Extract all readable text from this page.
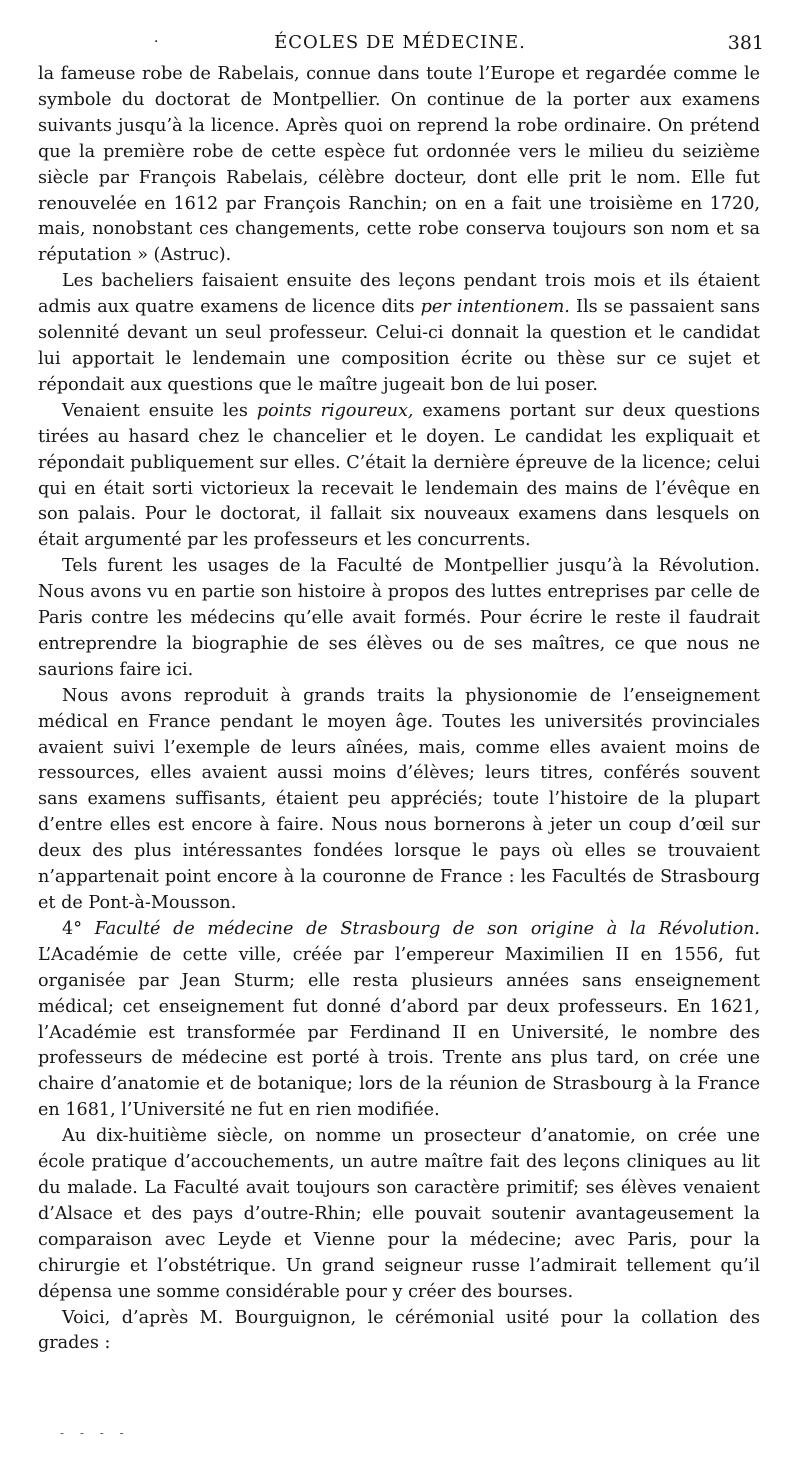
·	ÉCOLES DE MÉDECINE.	381

la fameuse robe de Rabelais, connue dans toute l’Europe et regardée comme le symbole du doctorat de Montpellier. On continue de la porter aux examens suivants jusqu’à la licence. Après quoi on reprend la robe ordinaire. On prétend que la première robe de cette espèce fut ordonnée vers le milieu du seizième siècle par François Rabelais, célèbre docteur, dont elle prit le nom. Elle fut renouvelée en 1612 par François Ranchin; on en a fait une troisième en 1720, mais, nonobstant ces changements, cette robe conserva toujours son nom et sa réputation » (Astruc).

Les bacheliers faisaient ensuite des leçons pendant trois mois et ils étaient admis aux quatre examens de licence dits per intentionem. Ils se passaient sans solennité devant un seul professeur. Celui-ci donnait la question et le candidat lui apportait le lendemain une composition écrite ou thèse sur ce sujet et répondait aux questions que le maître jugeait bon de lui poser.

Venaient ensuite les points rigoureux, examens portant sur deux questions tirées au hasard chez le chancelier et le doyen. Le candidat les expliquait et répondait publiquement sur elles. C’était la dernière épreuve de la licence; celui qui en était sorti victorieux la recevait le lendemain des mains de l’évêque en son palais. Pour le doctorat, il fallait six nouveaux examens dans lesquels on était argumenté par les professeurs et les concurrents.

Tels furent les usages de la Faculté de Montpellier jusqu’à la Révolution. Nous avons vu en partie son histoire à propos des luttes entreprises par celle de Paris contre les médecins qu’elle avait formés. Pour écrire le reste il faudrait entreprendre la biographie de ses élèves ou de ses maîtres, ce que nous ne saurions faire ici.

Nous avons reproduit à grands traits la physionomie de l’enseignement médical en France pendant le moyen âge. Toutes les universités provinciales avaient suivi l’exemple de leurs aînées, mais, comme elles avaient moins de ressources, elles avaient aussi moins d’élèves; leurs titres, conférés souvent sans examens suffisants, étaient peu appréciés; toute l’histoire de la plupart d’entre elles est encore à faire. Nous nous bornerons à jeter un coup d’œil sur deux des plus intéressantes fondées lorsque le pays où elles se trouvaient n’appartenait point encore à la couronne de France : les Facultés de Strasbourg et de Pont-à-Mousson.

4° Faculté de médecine de Strasbourg de son origine à la Révolution. L’Académie de cette ville, créée par l’empereur Maximilien II en 1556, fut organisée par Jean Sturm; elle resta plusieurs années sans enseignement médical; cet enseignement fut donné d’abord par deux professeurs. En 1621, l’Académie est transformée par Ferdinand II en Université, le nombre des professeurs de médecine est porté à trois. Trente ans plus tard, on crée une chaire d’anatomie et de botanique; lors de la réunion de Strasbourg à la France en 1681, l’Université ne fut en rien modifiée.

Au dix-huitième siècle, on nomme un prosecteur d’anatomie, on crée une école pratique d’accouchements, un autre maître fait des leçons cliniques au lit du malade. La Faculté avait toujours son caractère primitif; ses élèves venaient d’Alsace et des pays d’outre-Rhin; elle pouvait soutenir avantageusement la comparaison avec Leyde et Vienne pour la médecine; avec Paris, pour la chirurgie et l’obstétrique. Un grand seigneur russe l’admirait tellement qu’il dépensa une somme considérable pour y créer des bourses.

Voici, d’après M. Bourguignon, le cérémonial usité pour la collation des grades :

- - - -
